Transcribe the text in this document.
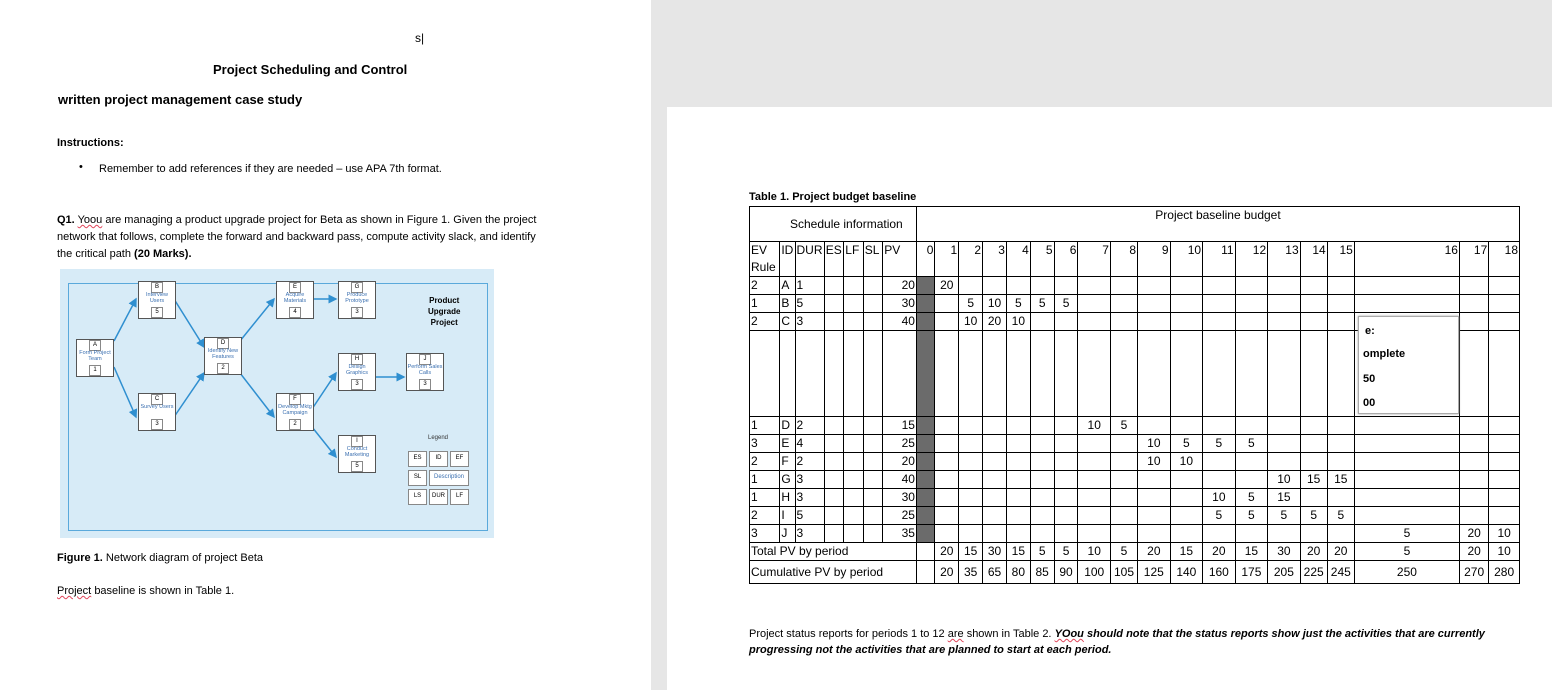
s|
Project Scheduling and Control
written project management case study
Instructions:
• Remember to add references if they are needed – use APA 7th format.
Q1. Yoou are managing a product upgrade project for Beta as shown in Figure 1. Given the project
network that follows, complete the forward and backward pass, compute activity slack, and identify
the critical path (20 Marks).
A
Form Project Team
1
B
Interview Users
5
C
Survey Users
3
D
Identify New Features
2
E
Acquire Materials
4
F
Develop Mktg Campaign
2
G
Produce Prototype
3
H
Design Graphics
3
I
Conduct Marketing
5
J
Perform Sales Calls
3
Product
Upgrade
Project
Legend
ES	ID	EF
SL	Description
LS	DUR	LF
Figure 1. Network diagram of project Beta
Project baseline is shown in Table 1.
Table 1. Project budget baseline
Schedule information							Project baseline budget																		
EV Rule	ID	DUR	ES	LF	SL	PV	0	1	2	3	4	5	6	7	8	9	10	11	12	13	14	15	16	17	18
2	A	1				20		20																	
1	B	5				30			5	10	5	5	5												
2	C	3				40			10	20	10														

1	D	2				15								10	5										
3	E	4				25										10	5	5	5						
2	F	2				20										10	10								
1	G	3				40														10	15	15			
1	H	3				30												10	5	15					
2	I	5				25												5	5	5	5	5			
3	J	3				35																	5	20	10
Total PV by period								20	15	30	15	5	5	10	5	20	15	20	15	30	20	20	5	20	10
Cumulative PV by period								20	35	65	80	85	90	100	105	125	140	160	175	205	225	245	250	270	280
e:
omplete
50
00
Project status reports for periods 1 to 12 are shown in Table 2. YOou should note that the status reports show just the activities that are currently
progressing not the activities that are planned to start at each period.
